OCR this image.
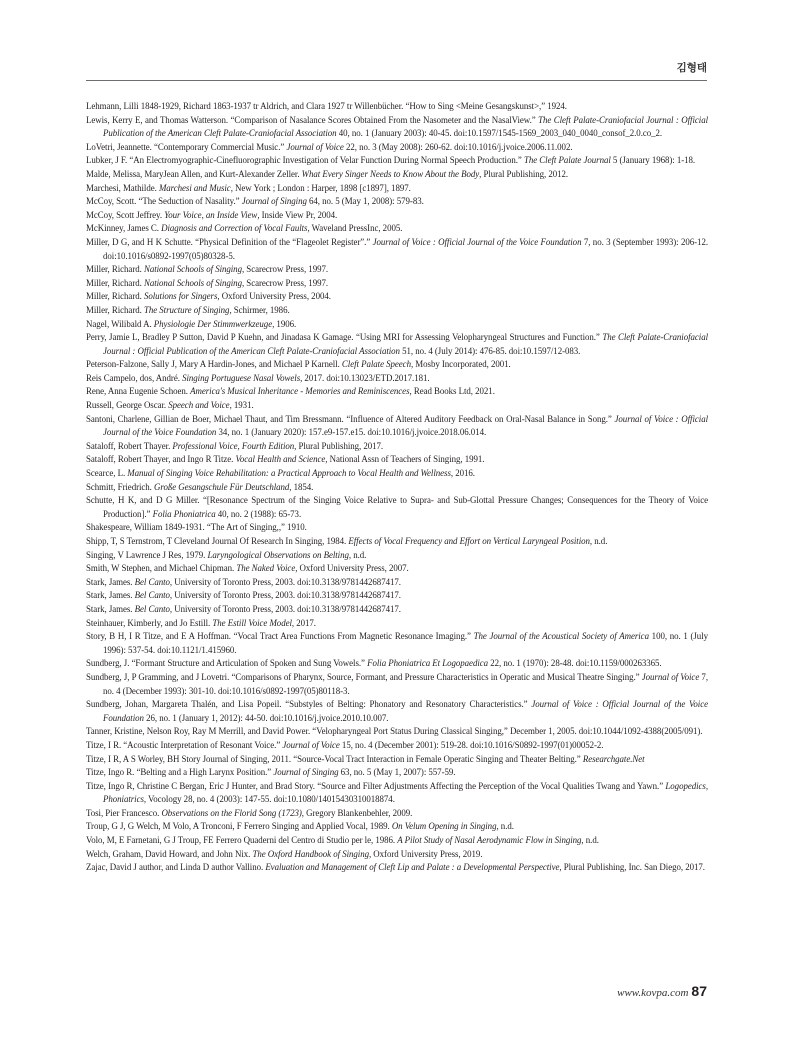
김형태
Lehmann, Lilli 1848-1929, Richard 1863-1937 tr Aldrich, and Clara 1927 tr Willenbücher. “How to Sing <Meine Gesangskunst>,” 1924.
Lewis, Kerry E, and Thomas Watterson. “Comparison of Nasalance Scores Obtained From the Nasometer and the NasalView.” The Cleft Palate-Craniofacial Journal : Official Publication of the American Cleft Palate-Craniofacial Association 40, no. 1 (January 2003): 40-45. doi:10.1597/1545-1569_2003_040_0040_consof_2.0.co_2.
LoVetri, Jeannette. “Contemporary Commercial Music.” Journal of Voice 22, no. 3 (May 2008): 260-62. doi:10.1016/j.jvoice.2006.11.002.
Lubker, J F. “An Electromyographic-Cinefluorographic Investigation of Velar Function During Normal Speech Production.” The Cleft Palate Journal 5 (January 1968): 1-18.
Malde, Melissa, MaryJean Allen, and Kurt-Alexander Zeller. What Every Singer Needs to Know About the Body, Plural Publishing, 2012.
Marchesi, Mathilde. Marchesi and Music, New York ; London : Harper, 1898 [c1897], 1897.
McCoy, Scott. “The Seduction of Nasality.” Journal of Singing 64, no. 5 (May 1, 2008): 579-83.
McCoy, Scott Jeffrey. Your Voice, an Inside View, Inside View Pr, 2004.
McKinney, James C. Diagnosis and Correction of Vocal Faults, Waveland PressInc, 2005.
Miller, D G, and H K Schutte. “Physical Definition of the “Flageolet Register”.” Journal of Voice : Official Journal of the Voice Foundation 7, no. 3 (September 1993): 206-12. doi:10.1016/s0892-1997(05)80328-5.
Miller, Richard. National Schools of Singing, Scarecrow Press, 1997.
Miller, Richard. National Schools of Singing, Scarecrow Press, 1997.
Miller, Richard. Solutions for Singers, Oxford University Press, 2004.
Miller, Richard. The Structure of Singing, Schirmer, 1986.
Nagel, Wilibald A. Physiologie Der Stimmwerkzeuge, 1906.
Perry, Jamie L, Bradley P Sutton, David P Kuehn, and Jinadasa K Gamage. “Using MRI for Assessing Velopharyngeal Structures and Function.” The Cleft Palate-Craniofacial Journal : Official Publication of the American Cleft Palate-Craniofacial Association 51, no. 4 (July 2014): 476-85. doi:10.1597/12-083.
Peterson-Falzone, Sally J, Mary A Hardin-Jones, and Michael P Karnell. Cleft Palate Speech, Mosby Incorporated, 2001.
Reis Campelo, dos, André. Singing Portuguese Nasal Vowels, 2017. doi:10.13023/ETD.2017.181.
Rene, Anna Eugenie Schoen. America's Musical Inheritance - Memories and Reminiscences, Read Books Ltd, 2021.
Russell, George Oscar. Speech and Voice, 1931.
Santoni, Charlene, Gillian de Boer, Michael Thaut, and Tim Bressmann. “Influence of Altered Auditory Feedback on Oral-Nasal Balance in Song.” Journal of Voice : Official Journal of the Voice Foundation 34, no. 1 (January 2020): 157.e9-157.e15. doi:10.1016/j.jvoice.2018.06.014.
Sataloff, Robert Thayer. Professional Voice, Fourth Edition, Plural Publishing, 2017.
Sataloff, Robert Thayer, and Ingo R Titze. Vocal Health and Science, National Assn of Teachers of Singing, 1991.
Scearce, L. Manual of Singing Voice Rehabilitation: a Practical Approach to Vocal Health and Wellness, 2016.
Schmitt, Friedrich. Große Gesangschule Für Deutschland, 1854.
Schutte, H K, and D G Miller. “[Resonance Spectrum of the Singing Voice Relative to Supra- and Sub-Glottal Pressure Changes; Consequences for the Theory of Voice Production].” Folia Phoniatrica 40, no. 2 (1988): 65-73.
Shakespeare, William 1849-1931. “The Art of Singing,,” 1910.
Shipp, T, S Ternstrom, T Cleveland Journal Of Research In Singing, 1984. Effects of Vocal Frequency and Effort on Vertical Laryngeal Position, n.d.
Singing, V Lawrence J Res, 1979. Laryngological Observations on Belting, n.d.
Smith, W Stephen, and Michael Chipman. The Naked Voice, Oxford University Press, 2007.
Stark, James. Bel Canto, University of Toronto Press, 2003. doi:10.3138/9781442687417.
Stark, James. Bel Canto, University of Toronto Press, 2003. doi:10.3138/9781442687417.
Stark, James. Bel Canto, University of Toronto Press, 2003. doi:10.3138/9781442687417.
Steinhauer, Kimberly, and Jo Estill. The Estill Voice Model, 2017.
Story, B H, I R Titze, and E A Hoffman. “Vocal Tract Area Functions From Magnetic Resonance Imaging.” The Journal of the Acoustical Society of America 100, no. 1 (July 1996): 537-54. doi:10.1121/1.415960.
Sundberg, J. “Formant Structure and Articulation of Spoken and Sung Vowels.” Folia Phoniatrica Et Logopaedica 22, no. 1 (1970): 28-48. doi:10.1159/000263365.
Sundberg, J, P Gramming, and J Lovetri. “Comparisons of Pharynx, Source, Formant, and Pressure Characteristics in Operatic and Musical Theatre Singing.” Journal of Voice 7, no. 4 (December 1993): 301-10. doi:10.1016/s0892-1997(05)80118-3.
Sundberg, Johan, Margareta Thalén, and Lisa Popeil. “Substyles of Belting: Phonatory and Resonatory Characteristics.” Journal of Voice : Official Journal of the Voice Foundation 26, no. 1 (January 1, 2012): 44-50. doi:10.1016/j.jvoice.2010.10.007.
Tanner, Kristine, Nelson Roy, Ray M Merrill, and David Power. “Velopharyngeal Port Status During Classical Singing,” December 1, 2005. doi:10.1044/1092-4388(2005/091).
Titze, I R. “Acoustic Interpretation of Resonant Voice.” Journal of Voice 15, no. 4 (December 2001): 519-28. doi:10.1016/S0892-1997(01)00052-2.
Titze, I R, A S Worley, BH Story Journal of Singing, 2011. “Source-Vocal Tract Interaction in Female Operatic Singing and Theater Belting.” Researchgate.Net
Titze, Ingo R. “Belting and a High Larynx Position.” Journal of Singing 63, no. 5 (May 1, 2007): 557-59.
Titze, Ingo R, Christine C Bergan, Eric J Hunter, and Brad Story. “Source and Filter Adjustments Affecting the Perception of the Vocal Qualities Twang and Yawn.” Logopedics, Phoniatrics, Vocology 28, no. 4 (2003): 147-55. doi:10.1080/14015430310018874.
Tosi, Pier Francesco. Observations on the Florid Song (1723), Gregory Blankenbehler, 2009.
Troup, G J, G Welch, M Volo, A Tronconi, F Ferrero Singing and Applied Vocal, 1989. On Velum Opening in Singing, n.d.
Volo, M, E Farnetani, G J Troup, FE Ferrero Quaderni del Centro di Studio per le, 1986. A Pilot Study of Nasal Aerodynamic Flow in Singing, n.d.
Welch, Graham, David Howard, and John Nix. The Oxford Handbook of Singing, Oxford University Press, 2019.
Zajac, David J author, and Linda D author Vallino. Evaluation and Management of Cleft Lip and Palate : a Developmental Perspective, Plural Publishing, Inc. San Diego, 2017.
www.kovpa.com 87
